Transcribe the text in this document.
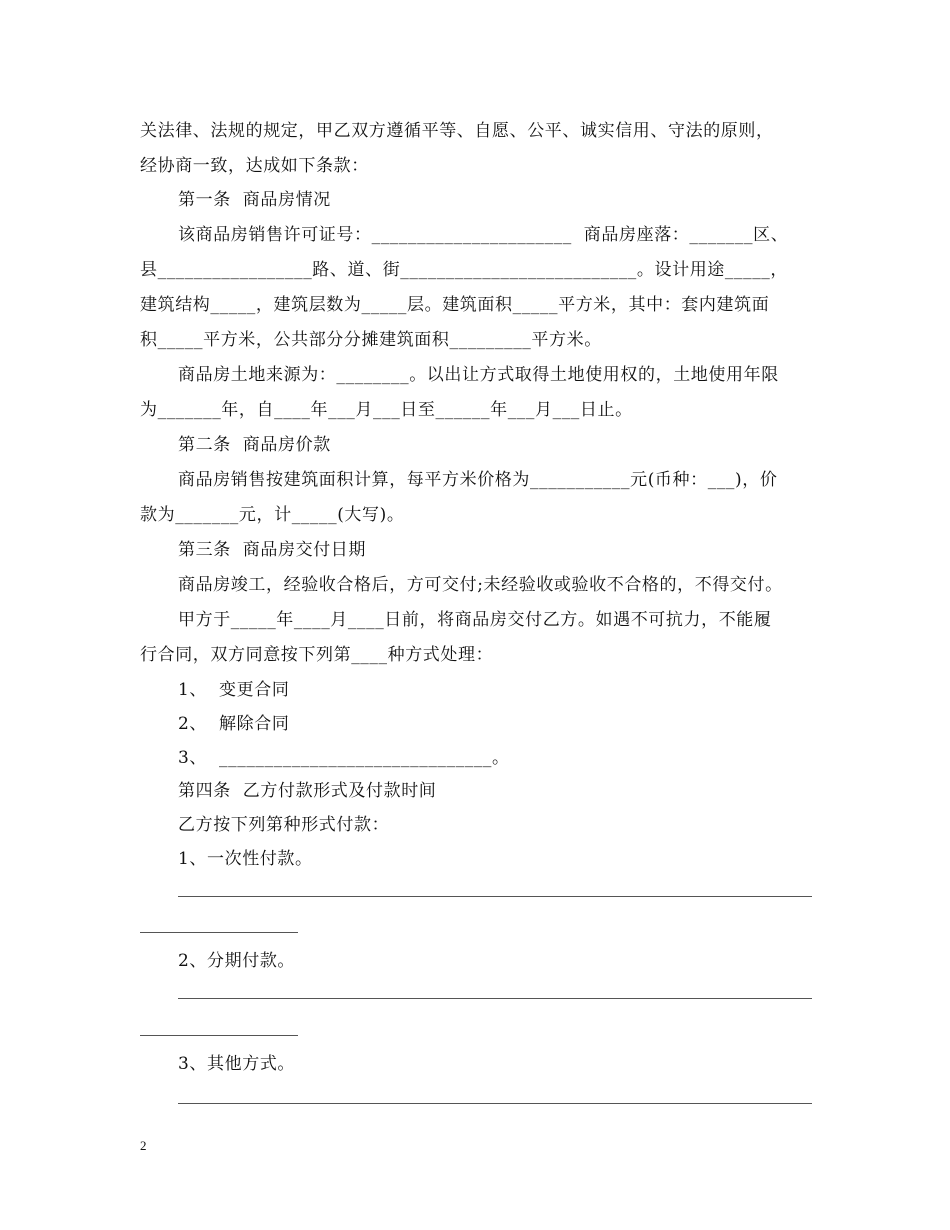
关法律、法规的规定，甲乙双方遵循平等、自愿、公平、诚实信用、守法的原则，
经协商一致，达成如下条款：
第一条  商品房情况
该商品房销售许可证号：______________________  商品房座落：_______区、
县_________________路、道、街__________________________。设计用途_____，
建筑结构_____，建筑层数为_____层。建筑面积_____平方米，其中：套内建筑面
积_____平方米，公共部分分摊建筑面积_________平方米。
商品房土地来源为：________。以出让方式取得土地使用权的，土地使用年限
为_______年，自____年___月___日至______年___月___日止。
第二条  商品房价款
商品房销售按建筑面积计算，每平方米价格为___________元(币种：___)，价
款为_______元，计_____(大写)。
第三条  商品房交付日期
商品房竣工，经验收合格后，方可交付;未经验收或验收不合格的，不得交付。
甲方于_____年____月____日前，将商品房交付乙方。如遇不可抗力，不能履
行合同，双方同意按下列第____种方式处理：
1、  变更合同
2、  解除合同
3、  ______________________________。
第四条  乙方付款形式及付款时间
乙方按下列第种形式付款：
1、一次性付款。
2、分期付款。
3、其他方式。
2
